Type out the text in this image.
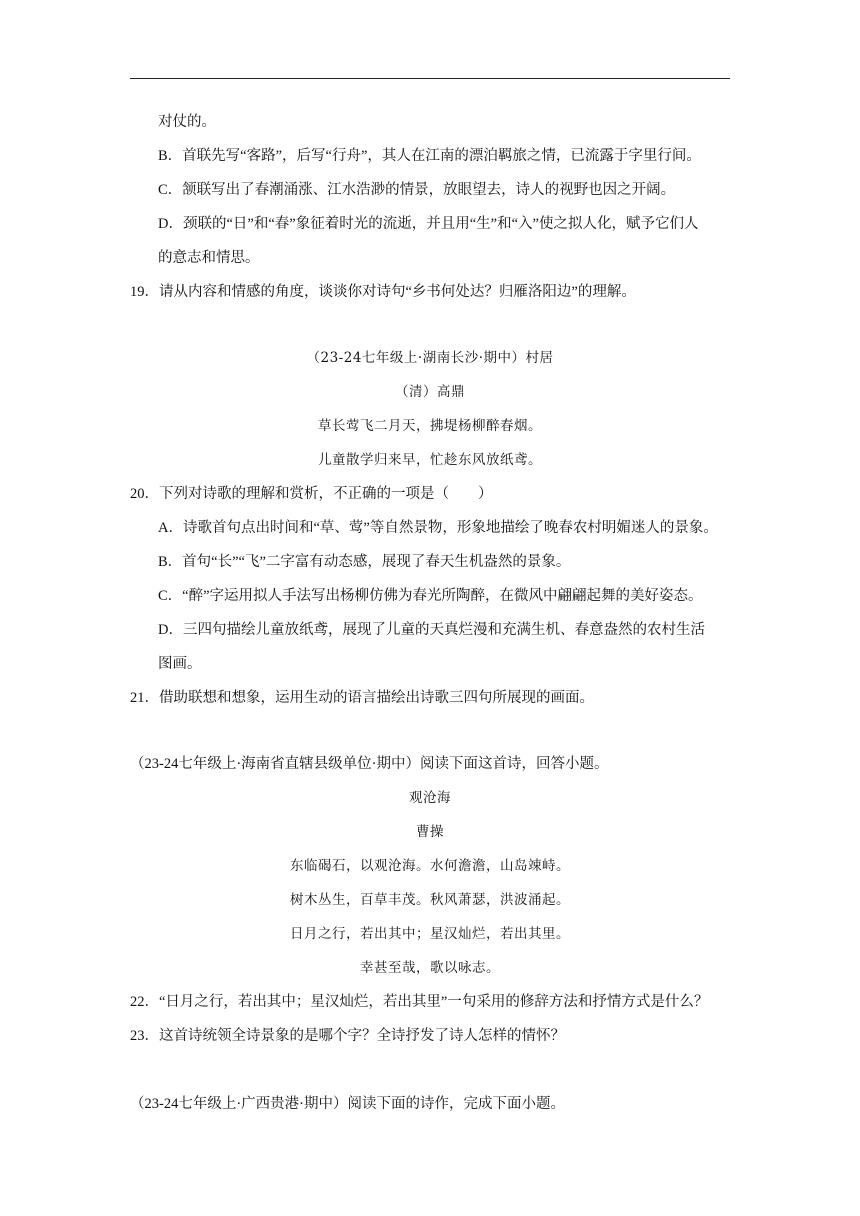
对仗的。
B．首联先写“客路”，后写“行舟”，其人在江南的漂泊羁旅之情，已流露于字里行间。
C．颔联写出了春潮涌涨、江水浩渺的情景，放眼望去，诗人的视野也因之开阔。
D．颈联的“日”和“春”象征着时光的流逝，并且用“生”和“入”使之拟人化，赋予它们人
的意志和情思。
19．请从内容和情感的角度，谈谈你对诗句“乡书何处达？归雁洛阳边”的理解。
（23-24七年级上·湖南长沙·期中）村居
（清）高鼎
草长莺飞二月天，拂堤杨柳醉春烟。
儿童散学归来早，忙趁东风放纸鸢。
20．下列对诗歌的理解和赏析，不正确的一项是（　　）
A．诗歌首句点出时间和“草、莺”等自然景物，形象地描绘了晚春农村明媚迷人的景象。
B．首句“长”“飞”二字富有动态感，展现了春天生机盎然的景象。
C．“醉”字运用拟人手法写出杨柳仿佛为春光所陶醉，在微风中翩翩起舞的美好姿态。
D．三四句描绘儿童放纸鸢，展现了儿童的天真烂漫和充满生机、春意盎然的农村生活
图画。
21．借助联想和想象，运用生动的语言描绘出诗歌三四句所展现的画面。
（23-24七年级上·海南省直辖县级单位·期中）阅读下面这首诗，回答小题。
观沧海
曹操
东临碣石，以观沧海。水何澹澹，山岛竦峙。
树木丛生，百草丰茂。秋风萧瑟，洪波涌起。
日月之行，若出其中；星汉灿烂，若出其里。
幸甚至哉，歌以咏志。
22．“日月之行，若出其中；星汉灿烂，若出其里”一句采用的修辞方法和抒情方式是什么？
23．这首诗统领全诗景象的是哪个字？全诗抒发了诗人怎样的情怀？
（23-24七年级上·广西贵港·期中）阅读下面的诗作，完成下面小题。
